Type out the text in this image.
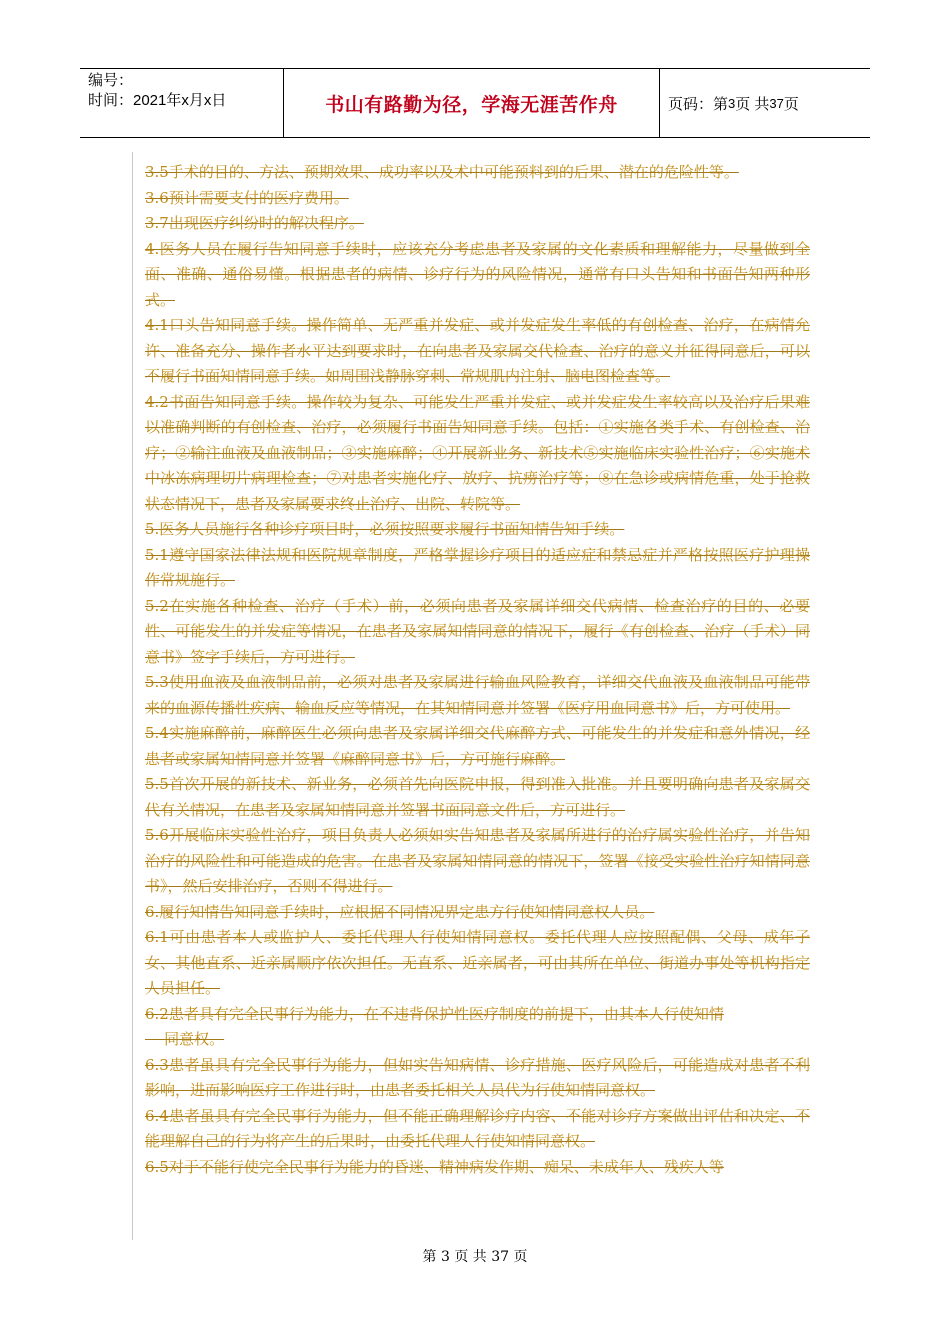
编号：
时间：2021年x月x日	书山有路勤为径，学海无涯苦作舟	页码：第 3 页 共 37 页
3.5手术的目的、方法、预期效果、成功率以及术中可能预料到的后果、潜在的危险性等。
3.6预计需要支付的医疗费用。
3.7出现医疗纠纷时的解决程序。
4.医务人员在履行告知同意手续时，应该充分考虑患者及家属的文化素质和理解能力，尽量做到全面、准确、通俗易懂。根据患者的病情、诊疗行为的风险情况，通常有口头告知和书面告知两种形式。
4.1口头告知同意手续。操作简单、无严重并发症、或并发症发生率低的有创检查、治疗，在病情允许、准备充分、操作者水平达到要求时，在向患者及家属交代检查、治疗的意义并征得同意后，可以不履行书面知情同意手续。如周围浅静脉穿刺、常规肌内注射、脑电图检查等。
4.2书面告知同意手续。操作较为复杂、可能发生严重并发症、或并发症发生率较高以及治疗后果难以准确判断的有创检查、治疗，必须履行书面告知同意手续。包括：①实施各类手术、有创检查、治疗；②输注血液及血液制品；③实施麻醉；④开展新业务、新技术⑤实施临床实验性治疗；⑥实施术中冰冻病理切片病理检查；⑦对患者实施化疗、放疗、抗痨治疗等；⑧在急诊或病情危重，处于抢救状态情况下，患者及家属要求终止治疗、出院、转院等。
5.医务人员施行各种诊疗项目时，必须按照要求履行书面知情告知手续。
5.1遵守国家法律法规和医院规章制度，严格掌握诊疗项目的适应症和禁忌症并严格按照医疗护理操作常规施行。
5.2在实施各种检查、治疗（手术）前，必须向患者及家属详细交代病情、检查治疗的目的、必要性、可能发生的并发症等情况，在患者及家属知情同意的情况下，履行《有创检查、治疗（手术）同意书》签字手续后，方可进行。
5.3使用血液及血液制品前，必须对患者及家属进行输血风险教育，详细交代血液及血液制品可能带来的血源传播性疾病、输血反应等情况，在其知情同意并签署《医疗用血同意书》后，方可使用。
5.4实施麻醉前，麻醉医生必须向患者及家属详细交代麻醉方式、可能发生的并发症和意外情况，经患者或家属知情同意并签署《麻醉同意书》后，方可施行麻醉。
5.5首次开展的新技术、新业务，必须首先向医院申报，得到准入批准。并且要明确向患者及家属交代有关情况，在患者及家属知情同意并签署书面同意文件后，方可进行。
5.6开展临床实验性治疗，项目负责人必须如实告知患者及家属所进行的治疗属实验性治疗，并告知治疗的风险性和可能造成的危害。在患者及家属知情同意的情况下，签署《接受实验性治疗知情同意书》，然后安排治疗，否则不得进行。
6.履行知情告知同意手续时，应根据不同情况界定患方行使知情同意权人员。
6.1可由患者本人或监护人、委托代理人行使知情同意权。委托代理人应按照配偶、父母、成年子女、其他直系、近亲属顺序依次担任。无直系、近亲属者，可由其所在单位、街道办事处等机构指定人员担任。
6.2患者具有完全民事行为能力，在不违背保护性医疗制度的前提下，由其本人行使知情
同意权。
6.3患者虽具有完全民事行为能力，但如实告知病情、诊疗措施、医疗风险后，可能造成对患者不利影响，进而影响医疗工作进行时，由患者委托相关人员代为行使知情同意权。
6.4患者虽具有完全民事行为能力，但不能正确理解诊疗内容、不能对诊疗方案做出评估和决定、不能理解自己的行为将产生的后果时，由委托代理人行使知情同意权。
6.5对于不能行使完全民事行为能力的昏迷、精神病发作期、痴呆、未成年人、残疾人等
第 3 页 共 37 页
